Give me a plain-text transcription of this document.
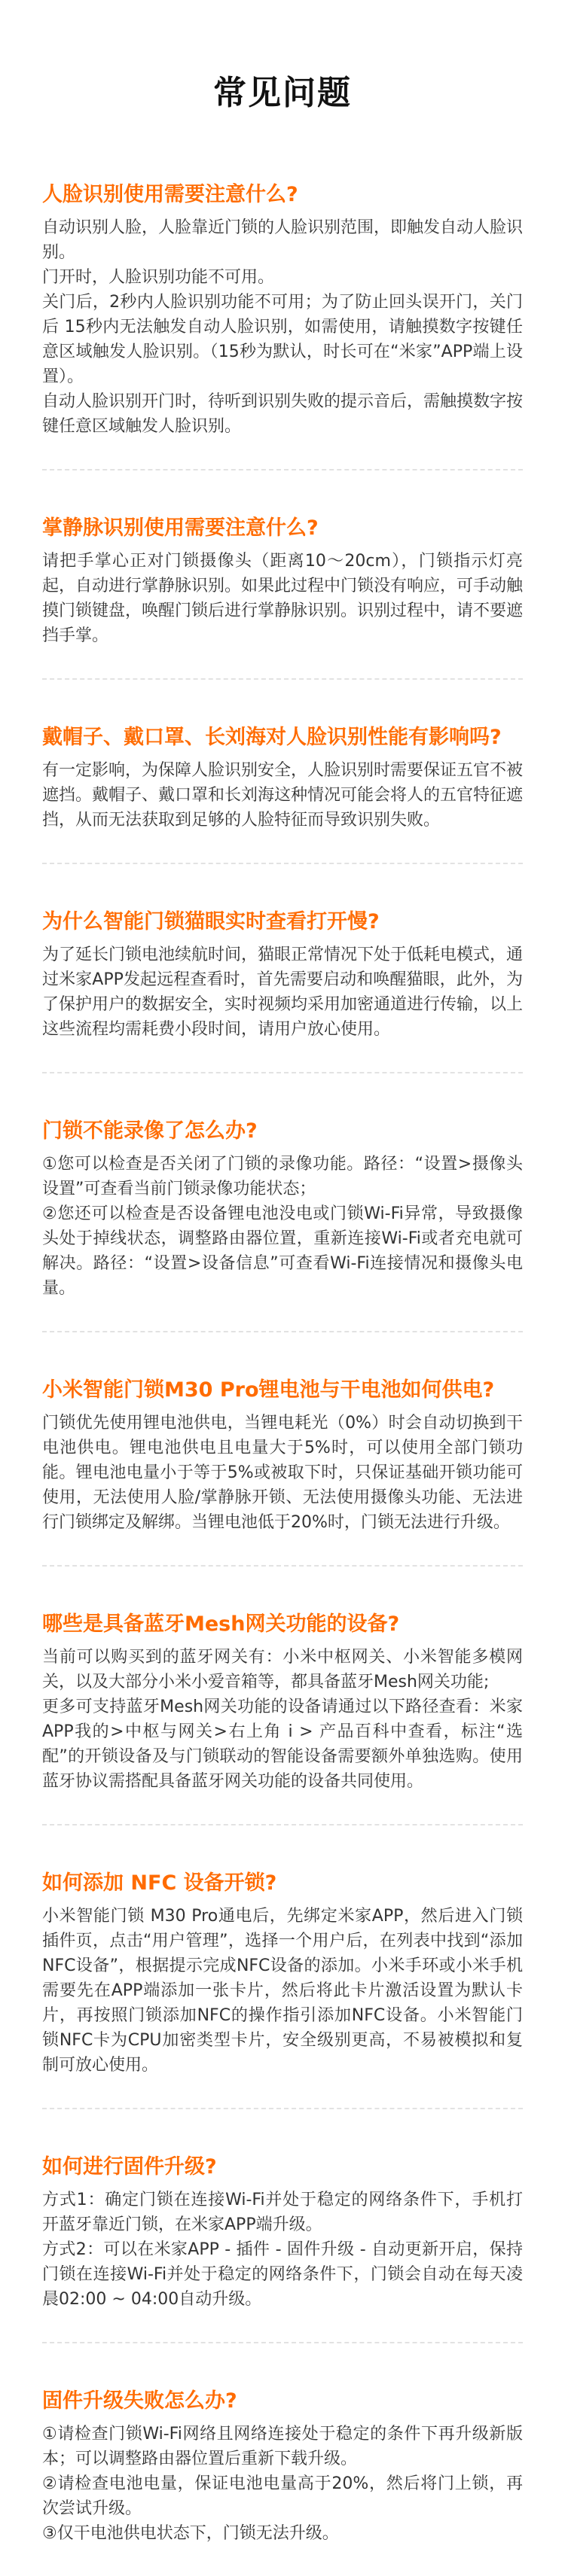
常见问题
人脸识别使用需要注意什么?

自动识别人脸，人脸靠近门锁的人脸识别范围，即触发自动人脸识别。

门开时，人脸识别功能不可用。

关门后，2秒内人脸识别功能不可用；为了防止回头误开门，关门后 15秒内无法触发自动人脸识别，如需使用，请触摸数字按键任意区域触发人脸识别。（15秒为默认，时长可在“米家”APP端上设置）。

自动人脸识别开门时，待听到识别失败的提示音后，需触摸数字按键任意区域触发人脸识别。

掌静脉识别使用需要注意什么?

请把手掌心正对门锁摄像头（距离10～20cm），门锁指示灯亮起，自动进行掌静脉识别。如果此过程中门锁没有响应，可手动触摸门锁键盘，唤醒门锁后进行掌静脉识别。识别过程中，请不要遮挡手掌。

戴帽子、戴口罩、长刘海对人脸识别性能有影响吗?

有一定影响，为保障人脸识别安全，人脸识别时需要保证五官不被遮挡。戴帽子、戴口罩和长刘海这种情况可能会将人的五官特征遮挡，从而无法获取到足够的人脸特征而导致识别失败。

为什么智能门锁猫眼实时查看打开慢?

为了延长门锁电池续航时间，猫眼正常情况下处于低耗电模式，通过米家APP发起远程查看时，首先需要启动和唤醒猫眼，此外，为了保护用户的数据安全，实时视频均采用加密通道进行传输，以上这些流程均需耗费小段时间，请用户放心使用。

门锁不能录像了怎么办?

①您可以检查是否关闭了门锁的录像功能。路径：“设置>摄像头设置”可查看当前门锁录像功能状态；

②您还可以检查是否设备锂电池没电或门锁Wi-Fi异常，导致摄像头处于掉线状态，调整路由器位置，重新连接Wi-Fi或者充电就可解决。路径：“设置>设备信息”可查看Wi-Fi连接情况和摄像头电量。

小米智能门锁M30 Pro锂电池与干电池如何供电?

门锁优先使用锂电池供电，当锂电耗光（0%）时会自动切换到干电池供电。锂电池供电且电量大于5%时，可以使用全部门锁功能。锂电池电量小于等于5%或被取下时，只保证基础开锁功能可使用，无法使用人脸/掌静脉开锁、无法使用摄像头功能、无法进行门锁绑定及解绑。当锂电池低于20%时，门锁无法进行升级。

哪些是具备蓝牙Mesh网关功能的设备?

当前可以购买到的蓝牙网关有：小米中枢网关、小米智能多模网关，以及大部分小米小爱音箱等，都具备蓝牙Mesh网关功能;

更多可支持蓝牙Mesh网关功能的设备请通过以下路径查看：米家APP我的>中枢与网关>右上角 i > 产品百科中查看，标注“选配”的开锁设备及与门锁联动的智能设备需要额外单独选购。使用蓝牙协议需搭配具备蓝牙网关功能的设备共同使用。

如何添加 NFC 设备开锁?

小米智能门锁 M30 Pro通电后，先绑定米家APP，然后进入门锁插件页，点击“用户管理”，选择一个用户后，在列表中找到“添加NFC设备”，根据提示完成NFC设备的添加。小米手环或小米手机需要先在APP端添加一张卡片，然后将此卡片激活设置为默认卡片，再按照门锁添加NFC的操作指引添加NFC设备。小米智能门锁NFC卡为CPU加密类型卡片，安全级别更高，不易被模拟和复制可放心使用。

如何进行固件升级?

方式1：确定门锁在连接Wi-Fi并处于稳定的网络条件下，手机打开蓝牙靠近门锁，在米家APP端升级。

方式2：可以在米家APP - 插件 - 固件升级 - 自动更新开启，保持门锁在连接Wi-Fi并处于稳定的网络条件下，门锁会自动在每天凌晨02:00 ~ 04:00自动升级。

固件升级失败怎么办?

①请检查门锁Wi-Fi网络且网络连接处于稳定的条件下再升级新版本；可以调整路由器位置后重新下载升级。

②请检查电池电量，保证电池电量高于20%，然后将门上锁，再次尝试升级。

③仅干电池供电状态下，门锁无法升级。
